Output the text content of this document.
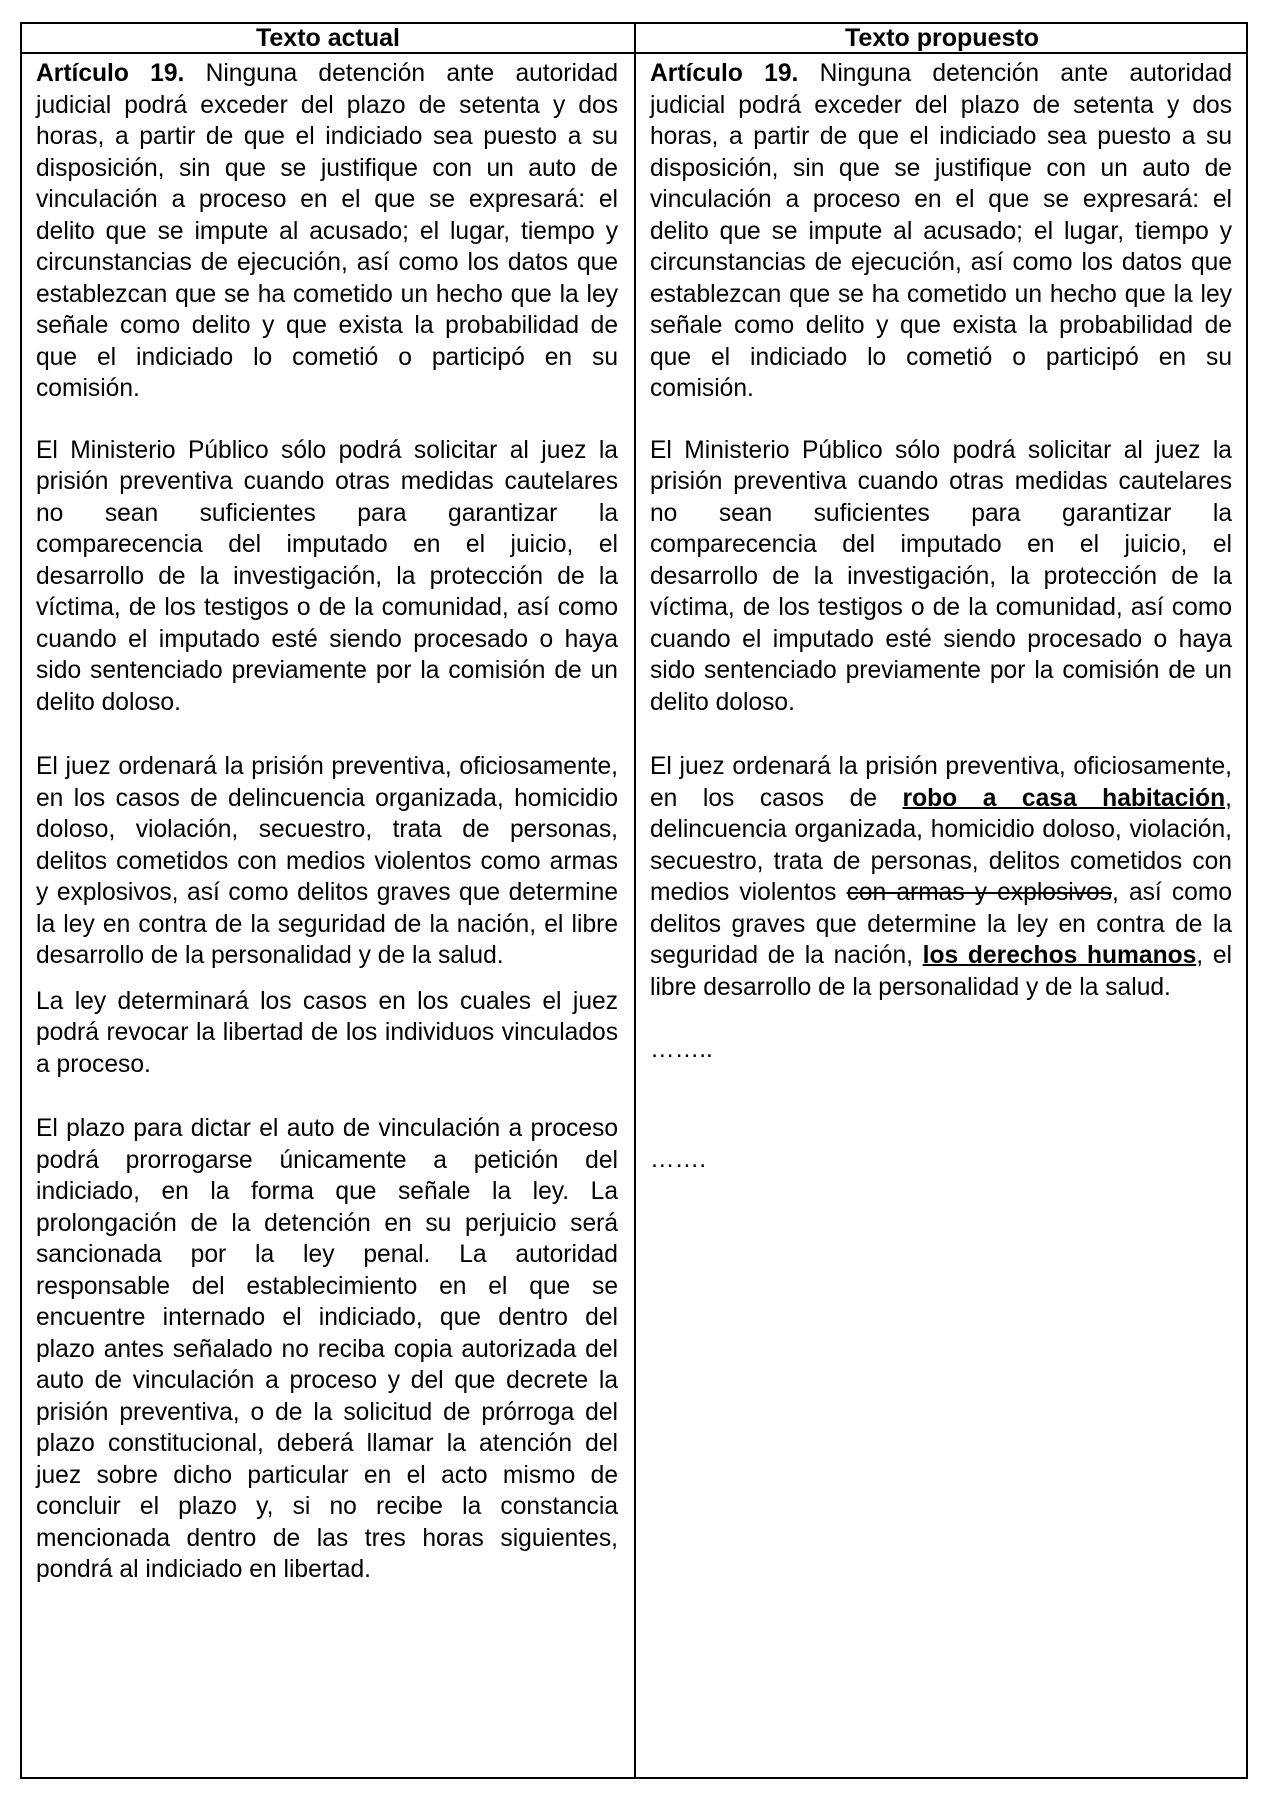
Texto actual	Texto propuesto

Artículo 19. Ninguna detención ante autoridad judicial podrá exceder del plazo de setenta y dos horas, a partir de que el indiciado sea puesto a su disposición, sin que se justifique con un auto de vinculación a proceso en el que se expresará: el delito que se impute al acusado; el lugar, tiempo y circunstancias de ejecución, así como los datos que establezcan que se ha cometido un hecho que la ley señale como delito y que exista la probabilidad de que el indiciado lo cometió o participó en su comisión.

El Ministerio Público sólo podrá solicitar al juez la prisión preventiva cuando otras medidas cautelares no sean suficientes para garantizar la comparecencia del imputado en el juicio, el desarrollo de la investigación, la protección de la víctima, de los testigos o de la comunidad, así como cuando el imputado esté siendo procesado o haya sido sentenciado previamente por la comisión de un delito doloso.

El juez ordenará la prisión preventiva, oficiosamente, en los casos de delincuencia organizada, homicidio doloso, violación, secuestro, trata de personas, delitos cometidos con medios violentos como armas y explosivos, así como delitos graves que determine la ley en contra de la seguridad de la nación, el libre desarrollo de la personalidad y de la salud.

La ley determinará los casos en los cuales el juez podrá revocar la libertad de los individuos vinculados a proceso.

El plazo para dictar el auto de vinculación a proceso podrá prorrogarse únicamente a petición del indiciado, en la forma que señale la ley. La prolongación de la detención en su perjuicio será sancionada por la ley penal. La autoridad responsable del establecimiento en el que se encuentre internado el indiciado, que dentro del plazo antes señalado no reciba copia autorizada del auto de vinculación a proceso y del que decrete la prisión preventiva, o de la solicitud de prórroga del plazo constitucional, deberá llamar la atención del juez sobre dicho particular en el acto mismo de concluir el plazo y, si no recibe la constancia mencionada dentro de las tres horas siguientes, pondrá al indiciado en libertad.

Artículo 19. Ninguna detención ante autoridad judicial podrá exceder del plazo de setenta y dos horas, a partir de que el indiciado sea puesto a su disposición, sin que se justifique con un auto de vinculación a proceso en el que se expresará: el delito que se impute al acusado; el lugar, tiempo y circunstancias de ejecución, así como los datos que establezcan que se ha cometido un hecho que la ley señale como delito y que exista la probabilidad de que el indiciado lo cometió o participó en su comisión.

El Ministerio Público sólo podrá solicitar al juez la prisión preventiva cuando otras medidas cautelares no sean suficientes para garantizar la comparecencia del imputado en el juicio, el desarrollo de la investigación, la protección de la víctima, de los testigos o de la comunidad, así como cuando el imputado esté siendo procesado o haya sido sentenciado previamente por la comisión de un delito doloso.

El juez ordenará la prisión preventiva, oficiosamente, en los casos de robo a casa habitación, delincuencia organizada, homicidio doloso, violación, secuestro, trata de personas, delitos cometidos con medios violentos con armas y explosivos, así como delitos graves que determine la ley en contra de la seguridad de la nación, los derechos humanos, el libre desarrollo de la personalidad y de la salud.

……..

…….
